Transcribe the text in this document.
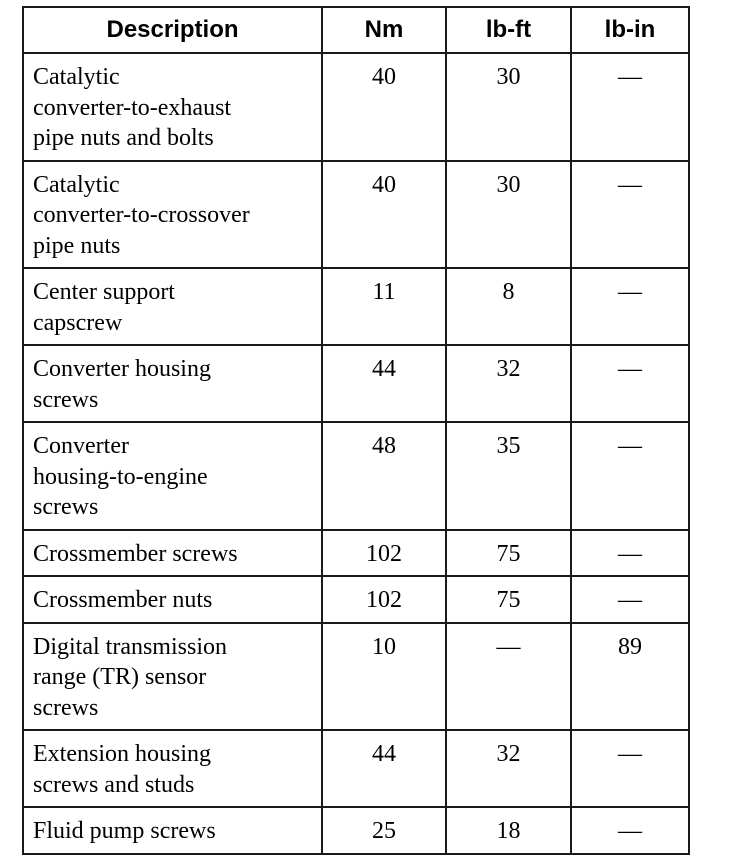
Description	Nm	lb-ft	lb-in

Catalytic
converter-to-exhaust
pipe nuts and bolts	40	30	—

Catalytic
converter-to-crossover
pipe nuts	40	30	—

Center support
capscrew	11	8	—

Converter housing
screws	44	32	—

Converter
housing-to-engine
screws	48	35	—

Crossmember screws	102	75	—

Crossmember nuts	102	75	—

Digital transmission
range (TR) sensor
screws	10	—	89

Extension housing
screws and studs	44	32	—

Fluid pump screws	25	18	—
